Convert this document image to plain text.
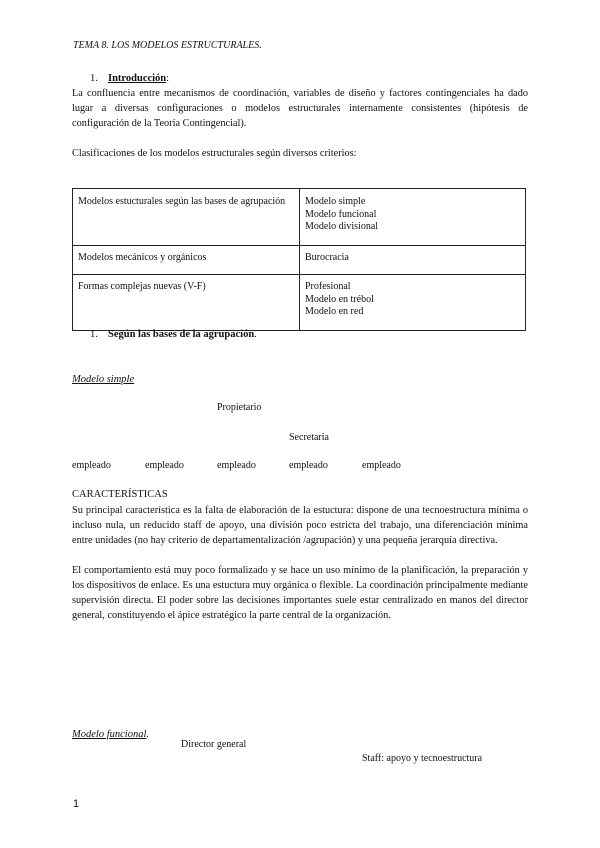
TEMA 8. LOS MODELOS ESTRUCTURALES.
1. Introducción:
La confluencia entre mecanismos de coordinación, variables de diseño y factores contingenciales ha dado lugar a diversas configuraciones o modelos estructurales internamente consistentes (hipótesis de configuración de la Teoría Contingencial).
Clasificaciones de los modelos estructurales según diversos criterios:
Modelos estucturales según las bases de agrupación	Modelo simple
Modelo funcional
Modelo divisional

Modelos mecánicos y orgánicos	Burocracia

Formas complejas nuevas (V-F)	Profesional
Modelo en trébol
Modelo en red
1. Según las bases de la agrupación.
Modelo simple
Propietario
Secretaria
empleado	empleado	empleado	empleado	empleado
CARACTERÍSTICAS
Su principal característica es la falta de elaboración de la estuctura: dispone de una tecnoestructura mínima o incluso nula, un reducido staff de apoyo, una división poco estricta del trabajo, una diferenciación mínima entre unidades (no hay criterio de departamentalización /agrupación) y una pequeña jerarquía directiva.
El comportamiento está muy poco formalizado y se hace un uso mínimo de la planificación, la preparación y los dispositivos de enlace. Es una estuctura muy orgánica o flexible. La coordinación principalmente mediante supervisión directa. El poder sobre las decisiones importantes suele estar centralizado en manos del director general, constituyendo el ápice estratégico la parte central de la organización.
Modelo funcional.
Director general
Staff: apoyo y tecnoestructura
1
